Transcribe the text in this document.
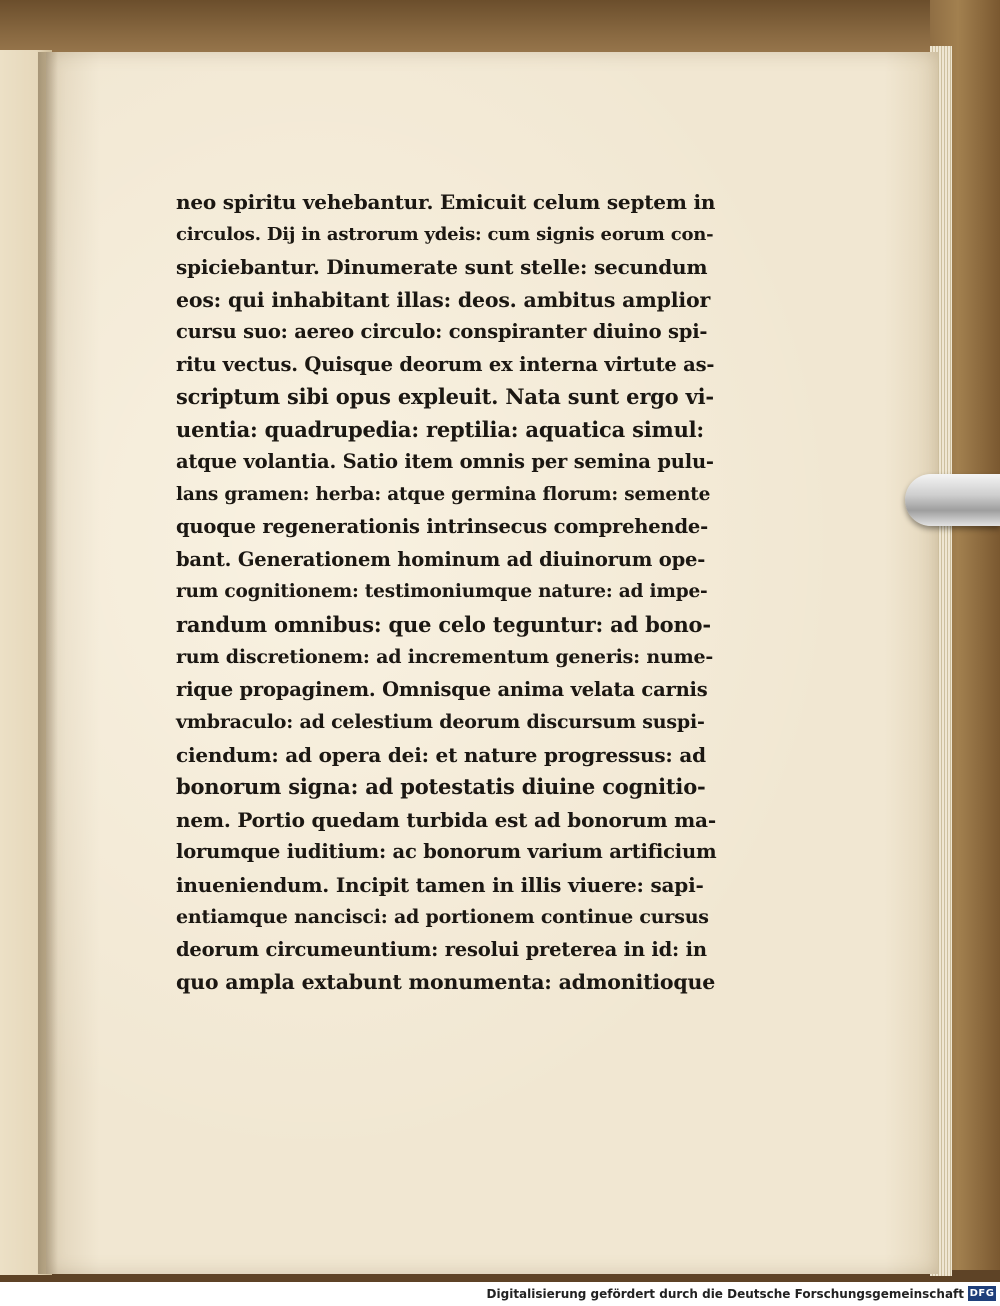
neo spiritu vehebantur. Emicuit celum septem in
circulos. Dij in astrorum ydeis: cum signis eorum con-
spiciebantur. Dinumerate sunt stelle: secundum
eos: qui inhabitant illas: deos. ambitus amplior
cursu suo: aereo circulo: conspiranter diuino spi-
ritu vectus. Quisque deorum ex interna virtute as-
scriptum sibi opus expleuit. Nata sunt ergo vi-
uentia: quadrupedia: reptilia: aquatica simul:
atque volantia. Satio item omnis per semina pulu-
lans gramen: herba: atque germina florum: semente
quoque regenerationis intrinsecus comprehende-
bant. Generationem hominum ad diuinorum ope-
rum cognitionem: testimoniumque nature: ad impe-
randum omnibus: que celo teguntur: ad bono-
rum discretionem: ad incrementum generis: nume-
rique propaginem. Omnisque anima velata carnis
vmbraculo: ad celestium deorum discursum suspi-
ciendum: ad opera dei: et nature progressus: ad
bonorum signa: ad potestatis diuine cognitio-
nem. Portio quedam turbida est ad bonorum ma-
lorumque iuditium: ac bonorum varium artificium
inueniendum. Incipit tamen in illis viuere: sapi-
entiamque nancisci: ad portionem continue cursus
deorum circumeuntium: resolui preterea in id: in
quo ampla extabunt monumenta: admonitioque
Digitalisierung gefördert durch die Deutsche Forschungsgemeinschaft DFG
